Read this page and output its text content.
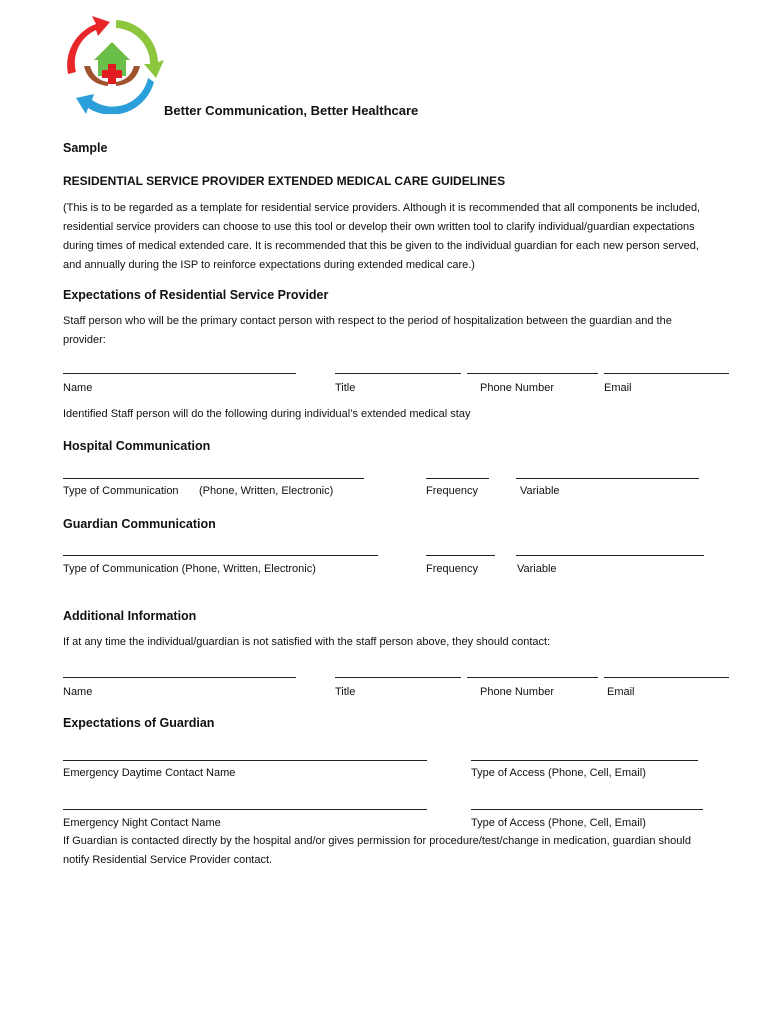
Better Communication, Better Healthcare
Sample
RESIDENTIAL SERVICE PROVIDER EXTENDED MEDICAL CARE GUIDELINES
(This is to be regarded as a template for residential service providers. Although it is recommended that all components be included,
residential service providers can choose to use this tool or develop their own written tool to clarify individual/guardian expectations
during times of medical extended care. It is recommended that this be given to the individual guardian for each new person served,
and annually during the ISP to reinforce expectations during extended medical care.)
Expectations of Residential Service Provider
Staff person who will be the primary contact person with respect to the period of hospitalization between the guardian and the
provider:
Name	Title	Phone Number	Email
Identified Staff person will do the following during individual’s extended medical stay
Hospital Communication
Type of Communication (Phone, Written, Electronic)	Frequency	Variable
Guardian Communication
Type of Communication (Phone, Written, Electronic)	Frequency	Variable
Additional Information
If at any time the individual/guardian is not satisfied with the staff person above, they should contact:
Name	Title	Phone Number	Email
Expectations of Guardian
Emergency Daytime Contact Name	Type of Access (Phone, Cell, Email)
Emergency Night Contact Name	Type of Access (Phone, Cell, Email)
If Guardian is contacted directly by the hospital and/or gives permission for procedure/test/change in medication, guardian should
notify Residential Service Provider contact.
